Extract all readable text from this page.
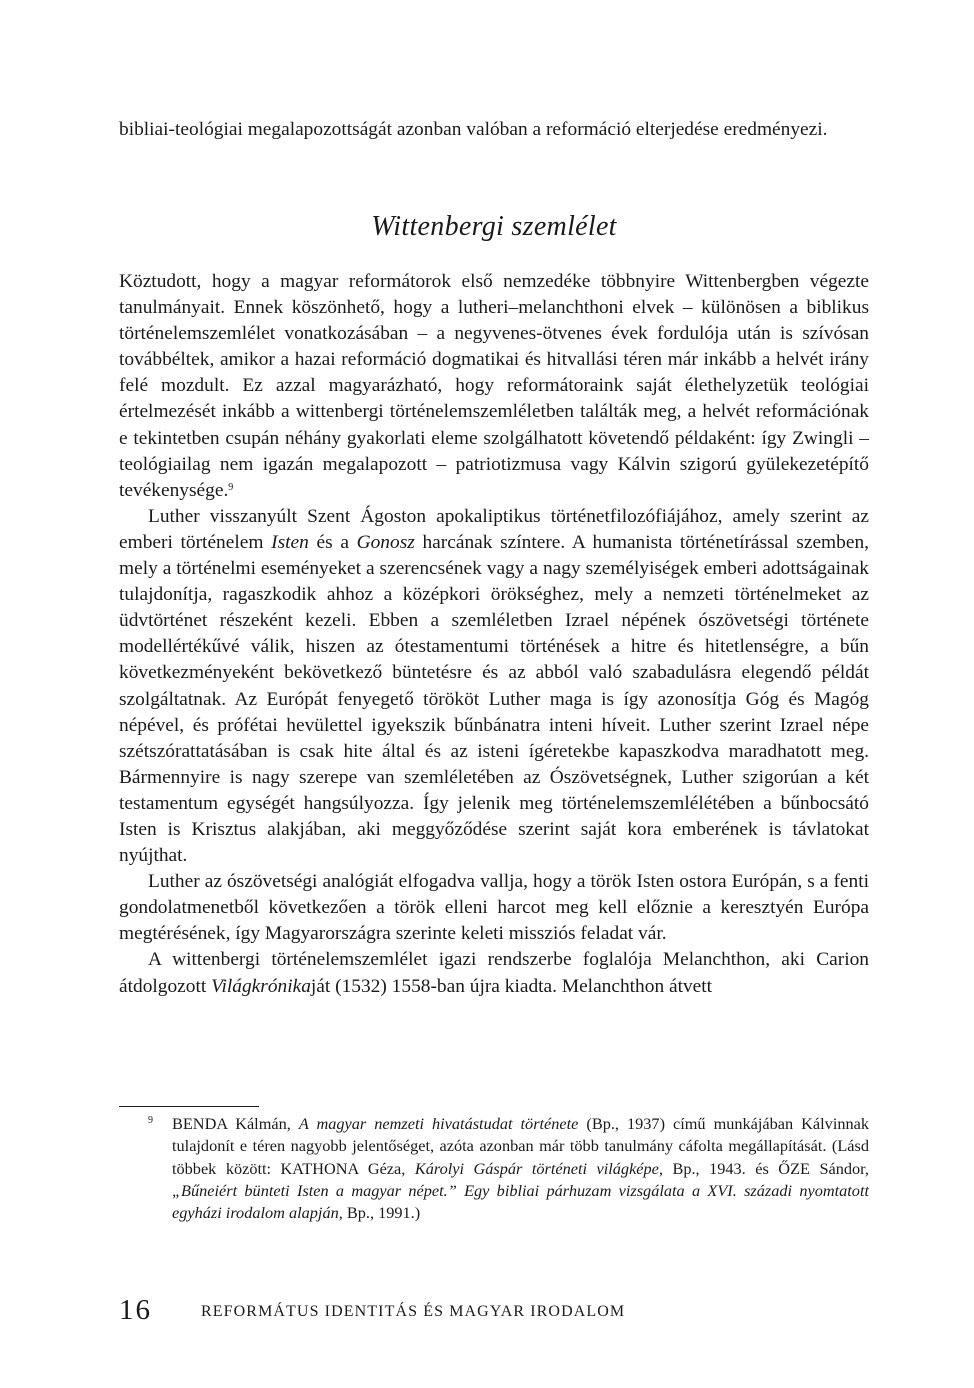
bibliai-teológiai megalapozottságát azonban valóban a reformáció elterjedése eredményezi.

Wittenbergi szemlélet

Köztudott, hogy a magyar reformátorok első nemzedéke többnyire Wittenbergben végezte tanulmányait. Ennek köszönhető, hogy a lutheri–melanchthoni elvek – különösen a biblikus történelemszemlélet vonatkozásában – a negyvenes-ötvenes évek fordulója után is szívósan továbbéltek, amikor a hazai reformáció dogmatikai és hitvallási téren már inkább a helvét irány felé mozdult. Ez azzal magyarázható, hogy reformátoraink saját élethelyzetük teológiai értelmezését inkább a wittenbergi történelemszemléletben találták meg, a helvét reformációnak e tekintetben csupán néhány gyakorlati eleme szolgálhatott követendő példaként: így Zwingli – teológiailag nem igazán megalapozott – patriotizmusa vagy Kálvin szigorú gyülekezetépítő tevékenysége.$^9$

Luther visszanyúlt Szent Ágoston apokaliptikus történetfilozófiájához, amely szerint az emberi történelem Isten és a Gonosz harcának színtere. A humanista történetírással szemben, mely a történelmi eseményeket a szerencsének vagy a nagy személyiségek emberi adottságainak tulajdonítja, ragaszkodik ahhoz a középkori örökséghez, mely a nemzeti történelmeket az üdvtörténet részeként kezeli. Ebben a szemléletben Izrael népének ószövetségi története modellértékűvé válik, hiszen az ótestamentumi történések a hitre és hitetlenségre, a bűn következményeként bekövetkező büntetésre és az abból való szabadulásra elegendő példát szolgáltatnak. Az Európát fenyegető törököt Luther maga is így azonosítja Góg és Magóg népével, és prófétai hevülettel igyekszik bűnbánatra inteni híveit. Luther szerint Izrael népe szétszórattatásában is csak hite által és az isteni ígéretekbe kapaszkodva maradhatott meg. Bármennyire is nagy szerepe van szemléletében az Ószövetségnek, Luther szigorúan a két testamentum egységét hangsúlyozza. Így jelenik meg történelemszemlélétében a bűnbocsátó Isten is Krisztus alakjában, aki meggyőződése szerint saját kora emberének is távlatokat nyújthat.

Luther az ószövetségi analógiát elfogadva vallja, hogy a török Isten ostora Európán, s a fenti gondolatmenetből következően a török elleni harcot meg kell előznie a keresztyén Európa megtérésének, így Magyarországra szerinte keleti missziós feladat vár.

A wittenbergi történelemszemlélet igazi rendszerbe foglalója Melanchthon, aki Carion átdolgozott Világkrónikaját (1532) 1558-ban újra kiadta. Melanchthon átvett

9 BENDA Kálmán, A magyar nemzeti hivatástudat története (Bp., 1937) című munkájában Kálvinnak tulajdonít e téren nagyobb jelentőséget, azóta azonban már több tanulmány cáfolta megállapítását. (Lásd többek között: KATHONA Géza, Károlyi Gáspár történeti világképe, Bp., 1943. és ŐZE Sándor, „Bűneiért bünteti Isten a magyar népet.” Egy bibliai párhuzam vizsgálata a XVI. századi nyomtatott egyházi irodalom alapján, Bp., 1991.)

16	REFORMÁTUS IDENTITÁS ÉS MAGYAR IRODALOM
